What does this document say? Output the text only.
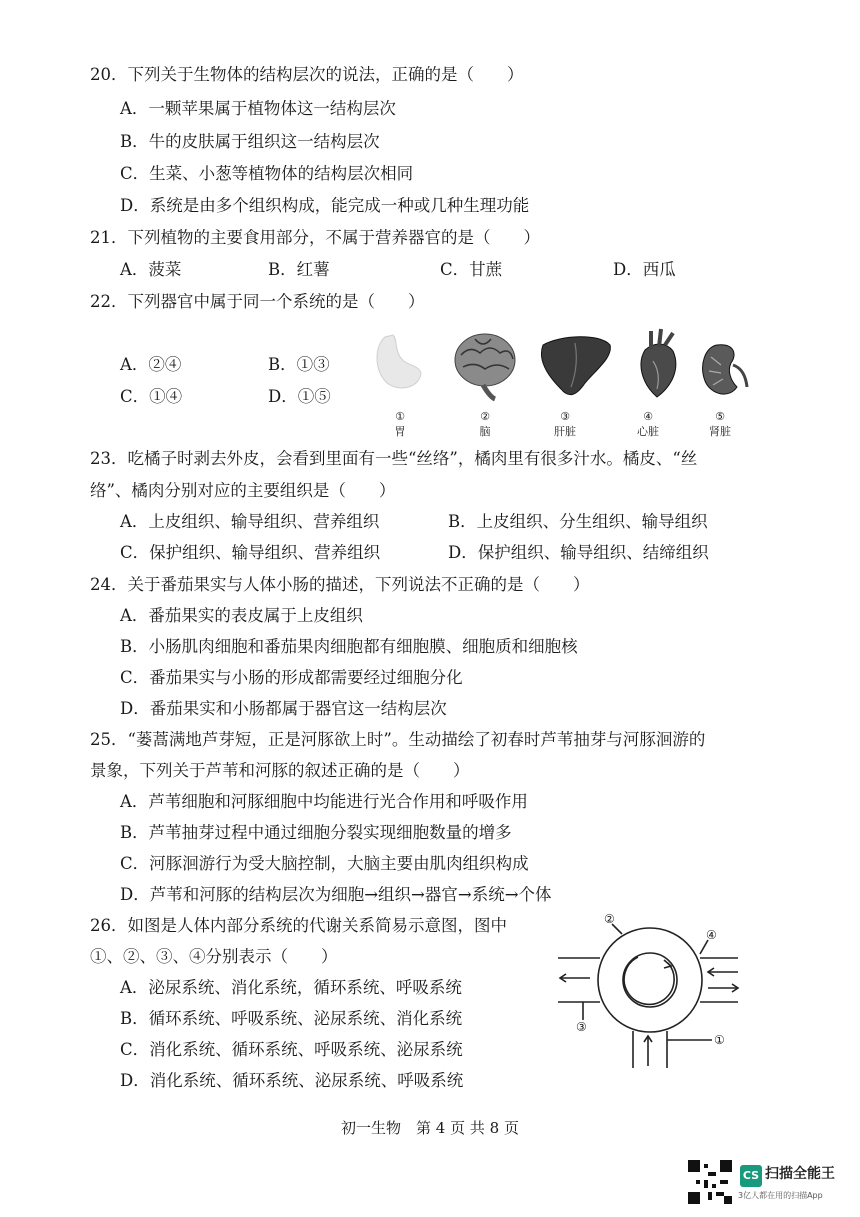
20．下列关于生物体的结构层次的说法，正确的是（　　）
A．一颗苹果属于植物体这一结构层次
B．牛的皮肤属于组织这一结构层次
C．生菜、小葱等植物体的结构层次相同
D．系统是由多个组织构成，能完成一种或几种生理功能
21．下列植物的主要食用部分，不属于营养器官的是（　　）
A．菠菜	B．红薯	C．甘蔗	D．西瓜
22．下列器官中属于同一个系统的是（　　）
A．②④	B．①③
C．①④	D．①⑤
①
胃
②
脑
③
肝脏
④
心脏
⑤
肾脏
23．吃橘子时剥去外皮，会看到里面有一些“丝络”，橘肉里有很多汁水。橘皮、“丝
络”、橘肉分别对应的主要组织是（　　）
A．上皮组织、输导组织、营养组织	B．上皮组织、分生组织、输导组织
C．保护组织、输导组织、营养组织	D．保护组织、输导组织、结缔组织
24．关于番茄果实与人体小肠的描述，下列说法不正确的是（　　）
A．番茄果实的表皮属于上皮组织
B．小肠肌肉细胞和番茄果肉细胞都有细胞膜、细胞质和细胞核
C．番茄果实与小肠的形成都需要经过细胞分化
D．番茄果实和小肠都属于器官这一结构层次
25．“蒌蒿满地芦芽短，正是河豚欲上时”。生动描绘了初春时芦苇抽芽与河豚洄游的
景象，下列关于芦苇和河豚的叙述正确的是（　　）
A．芦苇细胞和河豚细胞中均能进行光合作用和呼吸作用
B．芦苇抽芽过程中通过细胞分裂实现细胞数量的增多
C．河豚洄游行为受大脑控制，大脑主要由肌肉组织构成
D．芦苇和河豚的结构层次为细胞→组织→器官→系统→个体
26．如图是人体内部分系统的代谢关系简易示意图，图中
①、②、③、④分别表示（　　）
A．泌尿系统、消化系统，循环系统、呼吸系统
B．循环系统、呼吸系统、泌尿系统、消化系统
C．消化系统、循环系统、呼吸系统、泌尿系统
D．消化系统、循环系统、泌尿系统、呼吸系统
②
④
③
①
初一生物　第 4 页 共 8 页
CS 扫描全能王
3亿人都在用的扫描App
